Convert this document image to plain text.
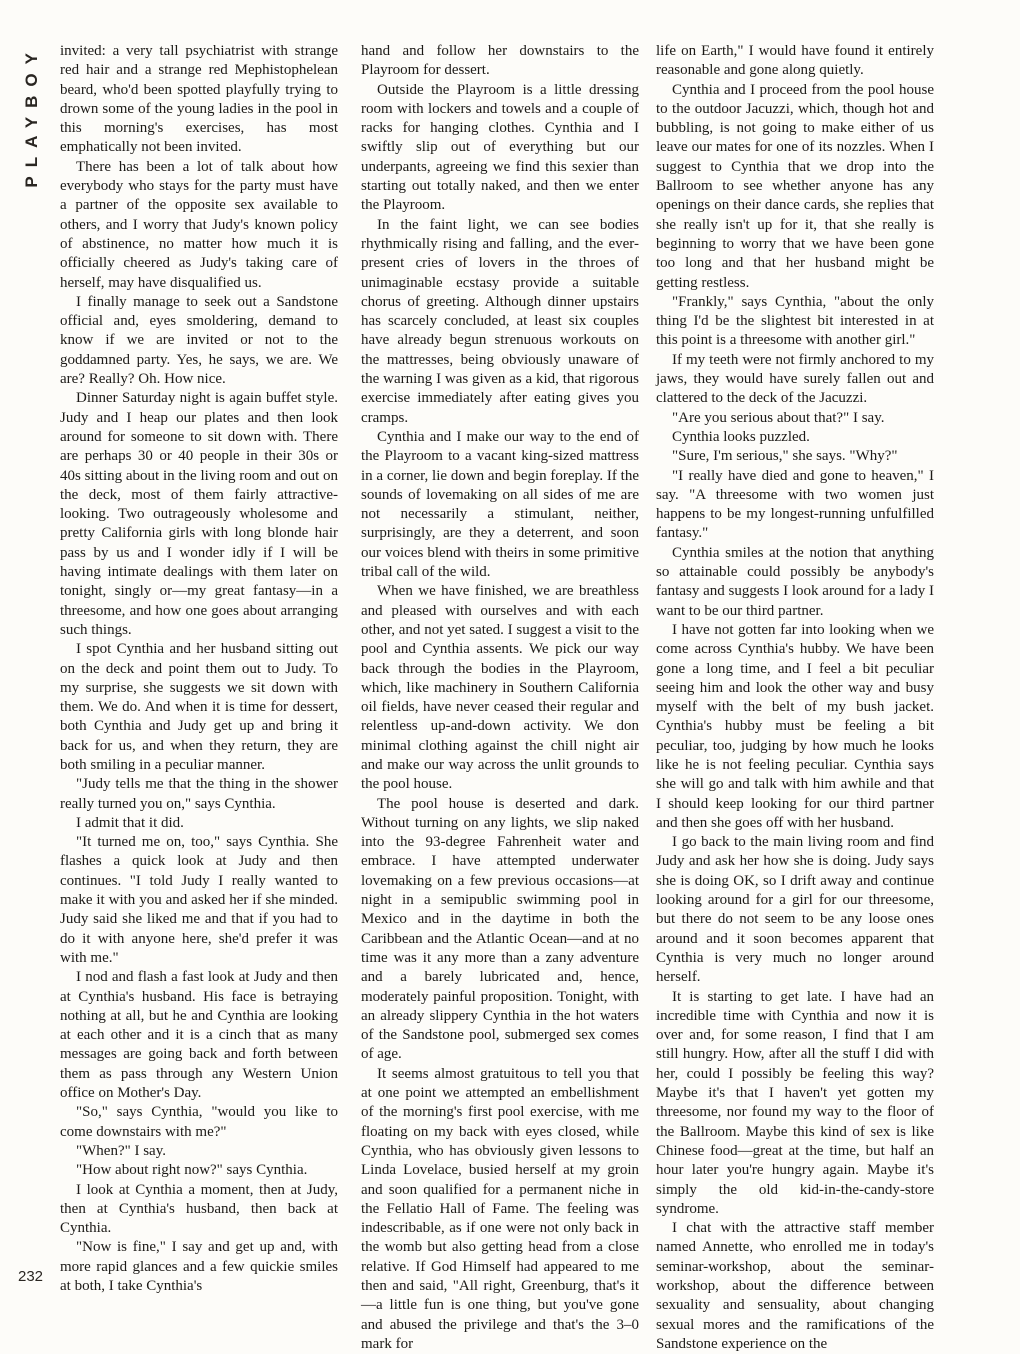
PLAYBOY
232

invited: a very tall psychiatrist with strange red hair and a strange red Mephistophelean beard, who'd been spotted playfully trying to drown some of the young ladies in the pool in this morning's exercises, has most emphatically not been invited.

There has been a lot of talk about how everybody who stays for the party must have a partner of the opposite sex available to others, and I worry that Judy's known policy of abstinence, no matter how much it is officially cheered as Judy's taking care of herself, may have disqualified us.

I finally manage to seek out a Sandstone official and, eyes smoldering, demand to know if we are invited or not to the goddamned party. Yes, he says, we are. We are? Really? Oh. How nice.

Dinner Saturday night is again buffet style. Judy and I heap our plates and then look around for someone to sit down with. There are perhaps 30 or 40 people in their 30s or 40s sitting about in the living room and out on the deck, most of them fairly attractive-looking. Two outrageously wholesome and pretty California girls with long blonde hair pass by us and I wonder idly if I will be having intimate dealings with them later on tonight, singly or—my great fantasy—in a threesome, and how one goes about arranging such things.

I spot Cynthia and her husband sitting out on the deck and point them out to Judy. To my surprise, she suggests we sit down with them. We do. And when it is time for dessert, both Cynthia and Judy get up and bring it back for us, and when they return, they are both smiling in a peculiar manner.

"Judy tells me that the thing in the shower really turned you on," says Cynthia.

I admit that it did.

"It turned me on, too," says Cynthia. She flashes a quick look at Judy and then continues. "I told Judy I really wanted to make it with you and asked her if she minded. Judy said she liked me and that if you had to do it with anyone here, she'd prefer it was with me."

I nod and flash a fast look at Judy and then at Cynthia's husband. His face is betraying nothing at all, but he and Cynthia are looking at each other and it is a cinch that as many messages are going back and forth between them as pass through any Western Union office on Mother's Day.

"So," says Cynthia, "would you like to come downstairs with me?"

"When?" I say.

"How about right now?" says Cynthia.

I look at Cynthia a moment, then at Judy, then at Cynthia's husband, then back at Cynthia.

"Now is fine," I say and get up and, with more rapid glances and a few quickie smiles at both, I take Cynthia's

hand and follow her downstairs to the Playroom for dessert.

Outside the Playroom is a little dressing room with lockers and towels and a couple of racks for hanging clothes. Cynthia and I swiftly slip out of everything but our underpants, agreeing we find this sexier than starting out totally naked, and then we enter the Playroom.

In the faint light, we can see bodies rhythmically rising and falling, and the ever-present cries of lovers in the throes of unimaginable ecstasy provide a suitable chorus of greeting. Although dinner upstairs has scarcely concluded, at least six couples have already begun strenuous workouts on the mattresses, being obviously unaware of the warning I was given as a kid, that rigorous exercise immediately after eating gives you cramps.

Cynthia and I make our way to the end of the Playroom to a vacant king-sized mattress in a corner, lie down and begin foreplay. If the sounds of lovemaking on all sides of me are not necessarily a stimulant, neither, surprisingly, are they a deterrent, and soon our voices blend with theirs in some primitive tribal call of the wild.

When we have finished, we are breathless and pleased with ourselves and with each other, and not yet sated. I suggest a visit to the pool and Cynthia assents. We pick our way back through the bodies in the Playroom, which, like machinery in Southern California oil fields, have never ceased their regular and relentless up-and-down activity. We don minimal clothing against the chill night air and make our way across the unlit grounds to the pool house.

The pool house is deserted and dark. Without turning on any lights, we slip naked into the 93-degree Fahrenheit water and embrace. I have attempted underwater lovemaking on a few previous occasions—at night in a semipublic swimming pool in Mexico and in the daytime in both the Caribbean and the Atlantic Ocean—and at no time was it any more than a zany adventure and a barely lubricated and, hence, moderately painful proposition. Tonight, with an already slippery Cynthia in the hot waters of the Sandstone pool, submerged sex comes of age.

It seems almost gratuitous to tell you that at one point we attempted an embellishment of the morning's first pool exercise, with me floating on my back with eyes closed, while Cynthia, who has obviously given lessons to Linda Lovelace, busied herself at my groin and soon qualified for a permanent niche in the Fellatio Hall of Fame. The feeling was indescribable, as if one were not only back in the womb but also getting head from a close relative. If God Himself had appeared to me then and said, "All right, Greenburg, that's it—a little fun is one thing, but you've gone and abused the privilege and that's the 3–0 mark for

life on Earth," I would have found it entirely reasonable and gone along quietly.

Cynthia and I proceed from the pool house to the outdoor Jacuzzi, which, though hot and bubbling, is not going to make either of us leave our mates for one of its nozzles. When I suggest to Cynthia that we drop into the Ballroom to see whether anyone has any openings on their dance cards, she replies that she really isn't up for it, that she really is beginning to worry that we have been gone too long and that her husband might be getting restless.

"Frankly," says Cynthia, "about the only thing I'd be the slightest bit interested in at this point is a threesome with another girl."

If my teeth were not firmly anchored to my jaws, they would have surely fallen out and clattered to the deck of the Jacuzzi.

"Are you serious about that?" I say.

Cynthia looks puzzled.

"Sure, I'm serious," she says. "Why?"

"I really have died and gone to heaven," I say. "A threesome with two women just happens to be my longest-running unfulfilled fantasy."

Cynthia smiles at the notion that anything so attainable could possibly be anybody's fantasy and suggests I look around for a lady I want to be our third partner.

I have not gotten far into looking when we come across Cynthia's hubby. We have been gone a long time, and I feel a bit peculiar seeing him and look the other way and busy myself with the belt of my bush jacket. Cynthia's hubby must be feeling a bit peculiar, too, judging by how much he looks like he is not feeling peculiar. Cynthia says she will go and talk with him awhile and that I should keep looking for our third partner and then she goes off with her husband.

I go back to the main living room and find Judy and ask her how she is doing. Judy says she is doing OK, so I drift away and continue looking around for a girl for our threesome, but there do not seem to be any loose ones around and it soon becomes apparent that Cynthia is very much no longer around herself.

It is starting to get late. I have had an incredible time with Cynthia and now it is over and, for some reason, I find that I am still hungry. How, after all the stuff I did with her, could I possibly be feeling this way? Maybe it's that I haven't yet gotten my threesome, nor found my way to the floor of the Ballroom. Maybe this kind of sex is like Chinese food—great at the time, but half an hour later you're hungry again. Maybe it's simply the old kid-in-the-candy-store syndrome.

I chat with the attractive staff member named Annette, who enrolled me in today's seminar-workshop, about the seminar-workshop, about the difference between sexuality and sensuality, about changing sexual mores and the ramifications of the Sandstone experience on the
